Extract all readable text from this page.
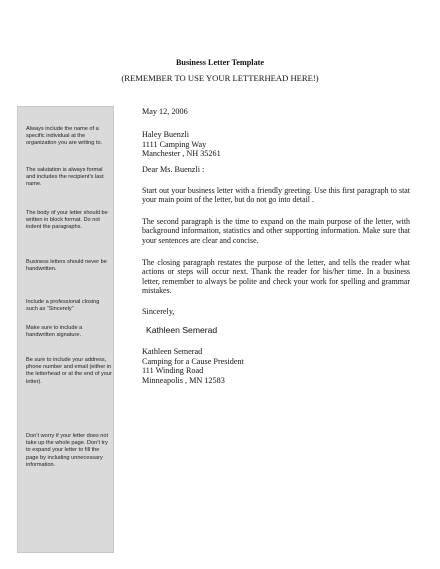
Business Letter Template
(REMEMBER TO USE YOUR LETTERHEAD HERE!)
Always include the name of a specific individual at the organization you are writing to.
The salutation is always formal and includes the recipient’s last name.
The body of your letter should be written in block format. Do not indent the paragraphs.
Business letters should never be handwritten.
Include a professional closing such as “Sincerely”
Make sure to include a handwritten signature.
Be sure to include your address, phone number and email (either in the letterhead or at the end of your letter).
Don’t worry if your letter does not take up the whole page. Don’t try to expand your letter to fill the page by including unnecessary information.
May 12, 2006
Haley Buenzli
1111 Camping Way
Manchester , NH 35261
Dear Ms. Buenzli :
Start out your business letter with a friendly greeting. Use this first paragraph to stat your main point of the letter, but do not go into detail .
The second paragraph is the time to expand on the main purpose of the letter, with background information, statistics and other supporting information. Make sure that your sentences are clear and concise.
The closing paragraph restates the purpose of the letter, and tells the reader what actions or steps will occur next. Thank the reader for his/her time. In a business letter, remember to always be polite and check your work for spelling and grammar mistakes.
Sincerely,
Kathleen Semerad
Kathleen Semerad
Camping for a Cause President
111 Winding Road
Minneapolis , MN 12583
